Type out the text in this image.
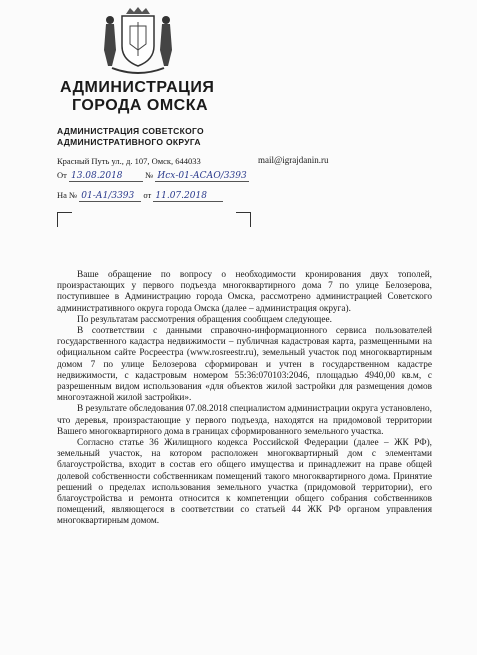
АДМИНИСТРАЦИЯ
ГОРОДА ОМСКА
АДМИНИСТРАЦИЯ СОВЕТСКОГО
АДМИНИСТРАТИВНОГО ОКРУГА
Красный Путь ул., д. 107, Омск, 644033	mail@igrajdanin.ru
От 13.08.2018	№ Исх-01-АСАО/3393
На № 01-А1/3393 от 11.07.2018

Ваше обращение по вопросу о необходимости кронирования двух тополей, произрастающих у первого подъезда многоквартирного дома 7 по улице Белозерова, поступившее в Администрацию города Омска, рассмотрено администрацией Советского административного округа города Омска (далее – администрация округа).

По результатам рассмотрения обращения сообщаем следующее.

В соответствии с данными справочно-информационного сервиса пользователей государственного кадастра недвижимости – публичная кадастровая карта, размещенными на официальном сайте Росреестра (www.rosreestr.ru), земельный участок под многоквартирным домом 7 по улице Белозерова сформирован и учтен в государственном кадастре недвижимости, с кадастровым номером 55:36:070103:2046, площадью 4940,00 кв.м, с разрешенным видом использования «для объектов жилой застройки для размещения домов многоэтажной жилой застройки».

В результате обследования 07.08.2018 специалистом администрации округа установлено, что деревья, произрастающие у первого подъезда, находятся на придомовой территории Вашего многоквартирного дома в границах сформированного земельного участка.

Согласно статье 36 Жилищного кодекса Российской Федерации (далее – ЖК РФ), земельный участок, на котором расположен многоквартирный дом с элементами благоустройства, входит в состав его общего имущества и принадлежит на праве общей долевой собственности собственникам помещений такого многоквартирного дома. Принятие решений о пределах использования земельного участка (придомовой территории), его благоустройства и ремонта относится к компетенции общего собрания собственников помещений, являющегося в соответствии со статьей 44 ЖК РФ органом управления многоквартирным домом.
